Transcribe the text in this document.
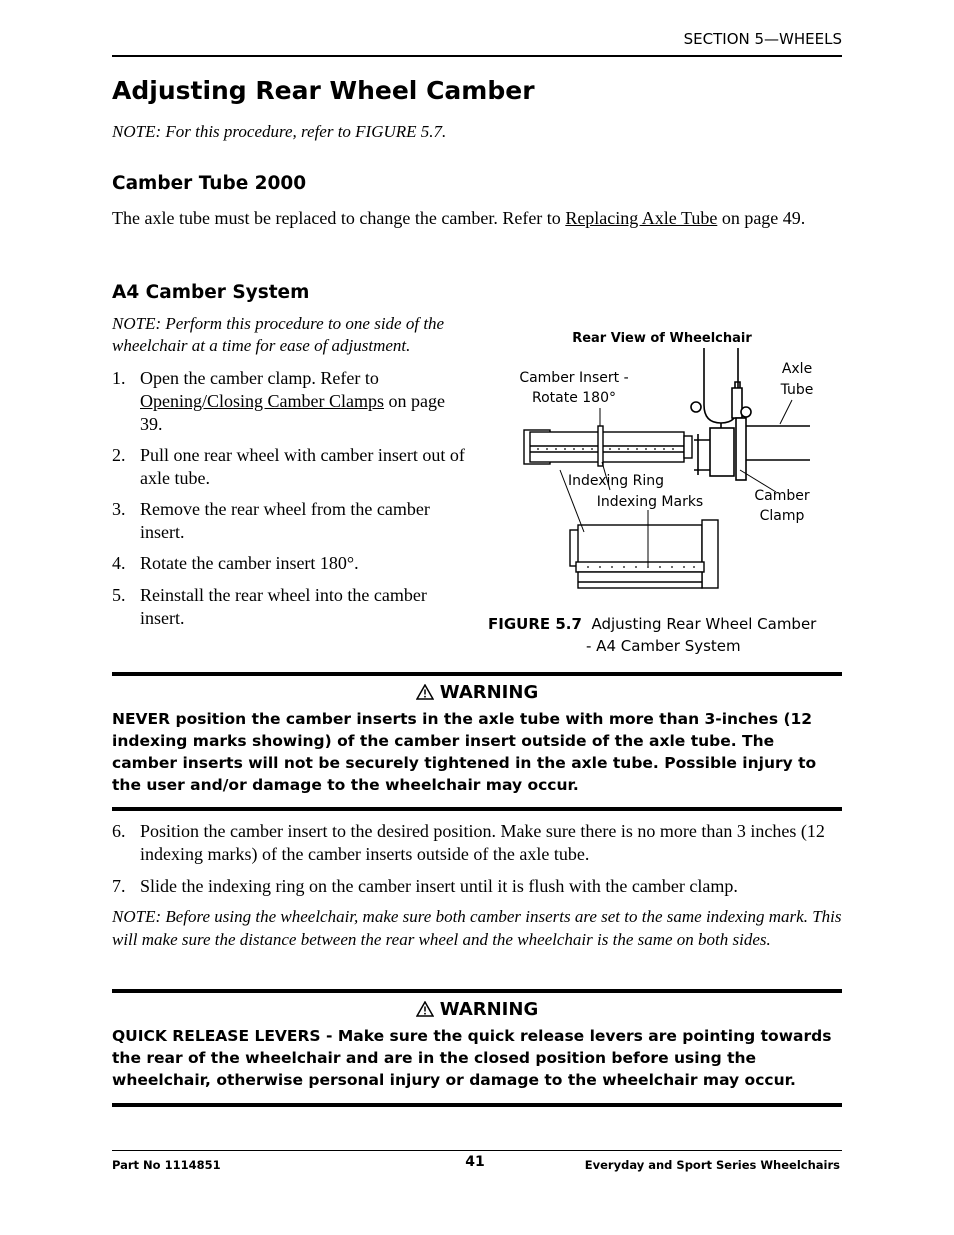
SECTION 5—WHEELS
Adjusting Rear Wheel Camber
NOTE: For this procedure, refer to FIGURE 5.7.
Camber Tube 2000
The axle tube must be replaced to change the camber. Refer to Replacing Axle Tube on page 49.
A4 Camber System
NOTE: Perform this procedure to one side of the wheelchair at a time for ease of adjustment.
1. Open the camber clamp. Refer to Opening/Closing Camber Clamps on page 39.
2. Pull one rear wheel with camber insert out of axle tube.
3. Remove the rear wheel from the camber insert.
4. Rotate the camber insert 180°.
5. Reinstall the rear wheel into the camber insert.
Rear View of Wheelchair
Camber Insert -
Rotate 180°
Axle
Tube
Indexing Ring
Indexing Marks	Camber
Clamp
FIGURE 5.7 Adjusting Rear Wheel Camber
- A4 Camber System
WARNING
NEVER position the camber inserts in the axle tube with more than 3-inches (12 indexing marks showing) of the camber insert outside of the axle tube. The camber inserts will not be securely tightened in the axle tube. Possible injury to the user and/or damage to the wheelchair may occur.
6. Position the camber insert to the desired position. Make sure there is no more than 3 inches (12 indexing marks) of the camber inserts outside of the axle tube.
7. Slide the indexing ring on the camber insert until it is flush with the camber clamp.
NOTE: Before using the wheelchair, make sure both camber inserts are set to the same indexing mark. This will make sure the distance between the rear wheel and the wheelchair is the same on both sides.
WARNING
QUICK RELEASE LEVERS - Make sure the quick release levers are pointing towards the rear of the wheelchair and are in the closed position before using the wheelchair, otherwise personal injury or damage to the wheelchair may occur.
Part No 1114851	41	Everyday and Sport Series Wheelchairs
